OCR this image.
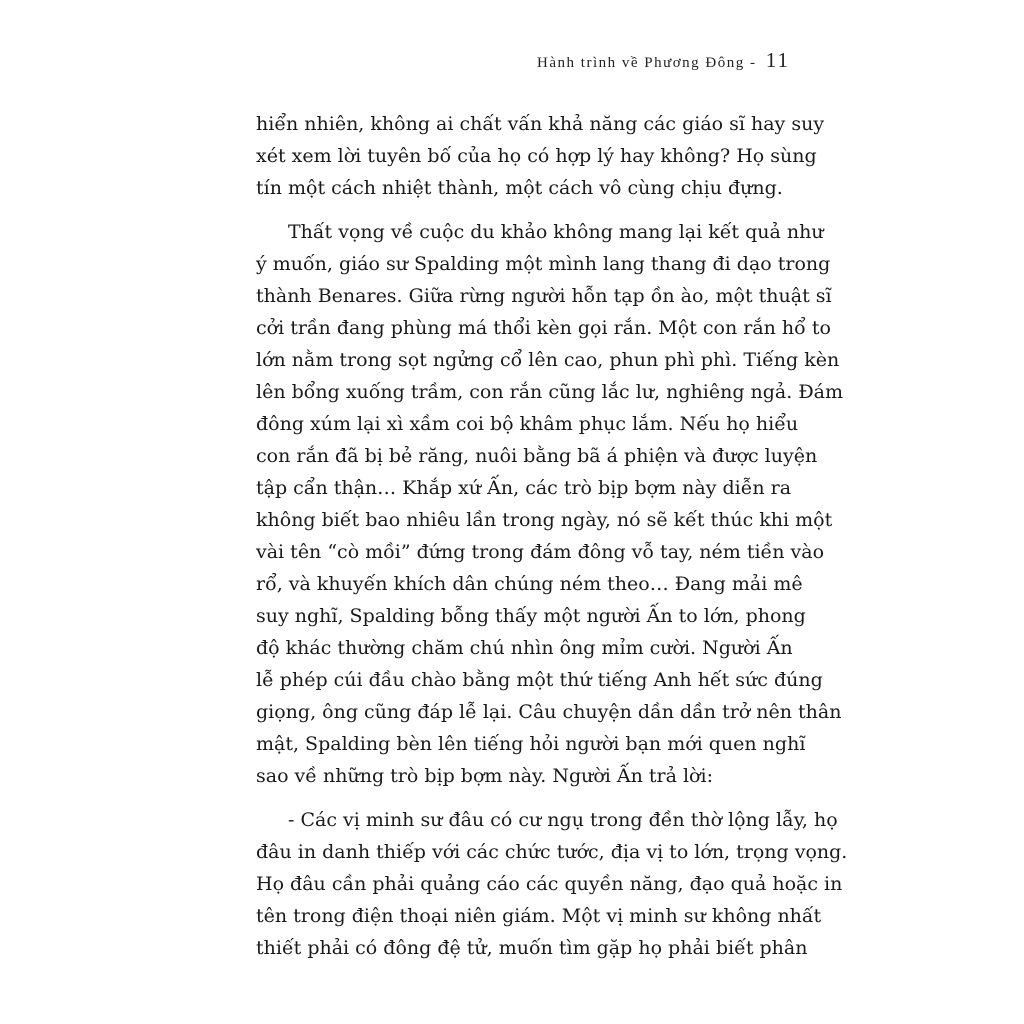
Hành trình về Phương Đông - 11
hiển nhiên, không ai chất vấn khả năng các giáo sĩ hay suy
xét xem lời tuyên bố của họ có hợp lý hay không? Họ sùng
tín một cách nhiệt thành, một cách vô cùng chịu đựng.
Thất vọng về cuộc du khảo không mang lại kết quả như
ý muốn, giáo sư Spalding một mình lang thang đi dạo trong
thành Benares. Giữa rừng người hỗn tạp ồn ào, một thuật sĩ
cởi trần đang phùng má thổi kèn gọi rắn. Một con rắn hổ to
lớn nằm trong sọt ngửng cổ lên cao, phun phì phì. Tiếng kèn
lên bổng xuống trầm, con rắn cũng lắc lư, nghiêng ngả. Đám
đông xúm lại xì xầm coi bộ khâm phục lắm. Nếu họ hiểu
con rắn đã bị bẻ răng, nuôi bằng bã á phiện và được luyện
tập cẩn thận… Khắp xứ Ấn, các trò bịp bợm này diễn ra
không biết bao nhiêu lần trong ngày, nó sẽ kết thúc khi một
vài tên “cò mồi” đứng trong đám đông vỗ tay, ném tiền vào
rổ, và khuyến khích dân chúng ném theo… Đang mải mê
suy nghĩ, Spalding bỗng thấy một người Ấn to lớn, phong
độ khác thường chăm chú nhìn ông mỉm cười. Người Ấn
lễ phép cúi đầu chào bằng một thứ tiếng Anh hết sức đúng
giọng, ông cũng đáp lễ lại. Câu chuyện dần dần trở nên thân
mật, Spalding bèn lên tiếng hỏi người bạn mới quen nghĩ
sao về những trò bịp bợm này. Người Ấn trả lời:
- Các vị minh sư đâu có cư ngụ trong đền thờ lộng lẫy, họ
đâu in danh thiếp với các chức tước, địa vị to lớn, trọng vọng.
Họ đâu cần phải quảng cáo các quyền năng, đạo quả hoặc in
tên trong điện thoại niên giám. Một vị minh sư không nhất
thiết phải có đông đệ tử, muốn tìm gặp họ phải biết phân
